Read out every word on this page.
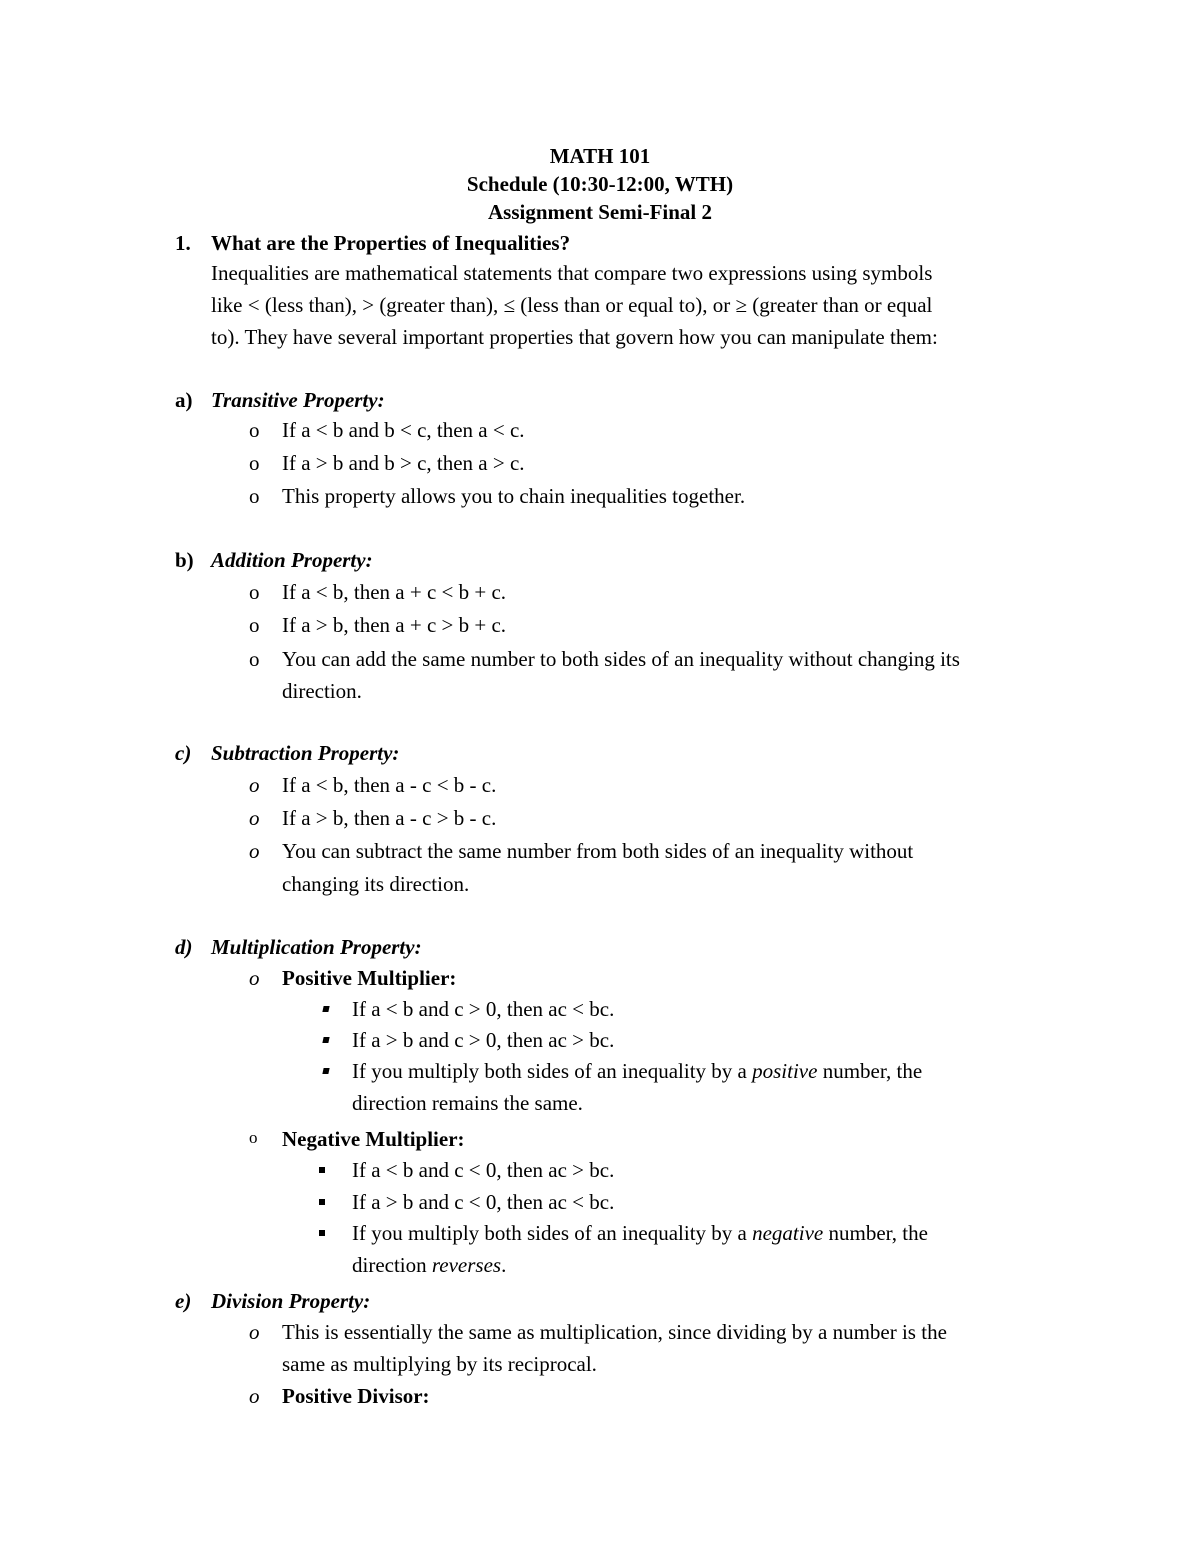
MATH 101
Schedule (10:30-12:00, WTH)
Assignment Semi-Final 2
1. What are the Properties of Inequalities?
Inequalities are mathematical statements that compare two expressions using symbols
like < (less than), > (greater than), ≤ (less than or equal to), or ≥ (greater than or equal
to). They have several important properties that govern how you can manipulate them:
a) Transitive Property:
o If a < b and b < c, then a < c.
o If a > b and b > c, then a > c.
o This property allows you to chain inequalities together.
b) Addition Property:
o If a < b, then a + c < b + c.
o If a > b, then a + c > b + c.
o You can add the same number to both sides of an inequality without changing its
direction.
c) Subtraction Property:
o If a < b, then a - c < b - c.
o If a > b, then a - c > b - c.
o You can subtract the same number from both sides of an inequality without
changing its direction.
d) Multiplication Property:
o Positive Multiplier:
If a < b and c > 0, then ac < bc.
If a > b and c > 0, then ac > bc.
If you multiply both sides of an inequality by a positive number, the
direction remains the same.
o Negative Multiplier:
If a < b and c < 0, then ac > bc.
If a > b and c < 0, then ac < bc.
If you multiply both sides of an inequality by a negative number, the
direction reverses.
e) Division Property:
o This is essentially the same as multiplication, since dividing by a number is the
same as multiplying by its reciprocal.
o Positive Divisor:
